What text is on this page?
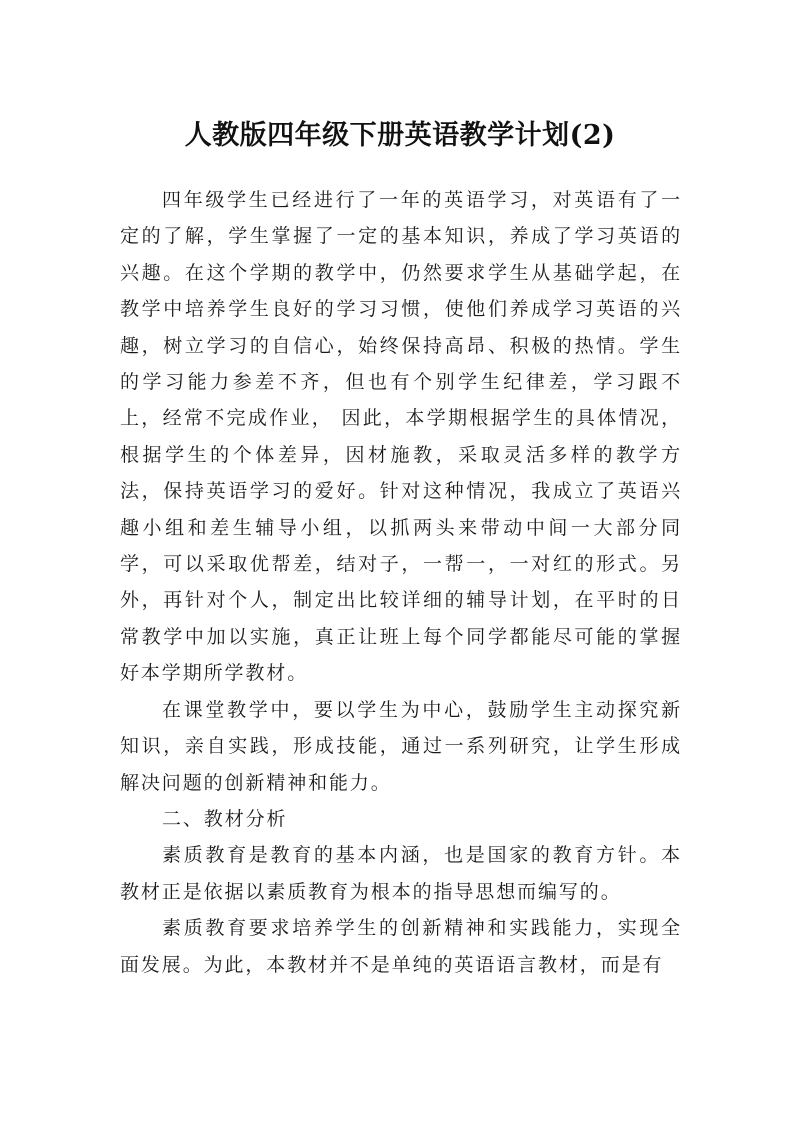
人教版四年级下册英语教学计划(2)

四年级学生已经进行了一年的英语学习，对英语有了一定的了解，学生掌握了一定的基本知识，养成了学习英语的兴趣。在这个学期的教学中，仍然要求学生从基础学起，在教学中培养学生良好的学习习惯，使他们养成学习英语的兴趣，树立学习的自信心，始终保持高昂、积极的热情。学生的学习能力参差不齐，但也有个别学生纪律差，学习跟不上，经常不完成作业， 因此，本学期根据学生的具体情况，根据学生的个体差异，因材施教，采取灵活多样的教学方法，保持英语学习的爱好。针对这种情况，我成立了英语兴趣小组和差生辅导小组，以抓两头来带动中间一大部分同学，可以采取优帮差，结对子，一帮一，一对红的形式。另外，再针对个人，制定出比较详细的辅导计划，在平时的日常教学中加以实施，真正让班上每个同学都能尽可能的掌握好本学期所学教材。

在课堂教学中，要以学生为中心，鼓励学生主动探究新知识，亲自实践，形成技能，通过一系列研究，让学生形成解决问题的创新精神和能力。

二、教材分析

素质教育是教育的基本内涵，也是国家的教育方针。本教材正是依据以素质教育为根本的指导思想而编写的。

素质教育要求培养学生的创新精神和实践能力，实现全面发展。为此，本教材并不是单纯的英语语言教材，而是有
